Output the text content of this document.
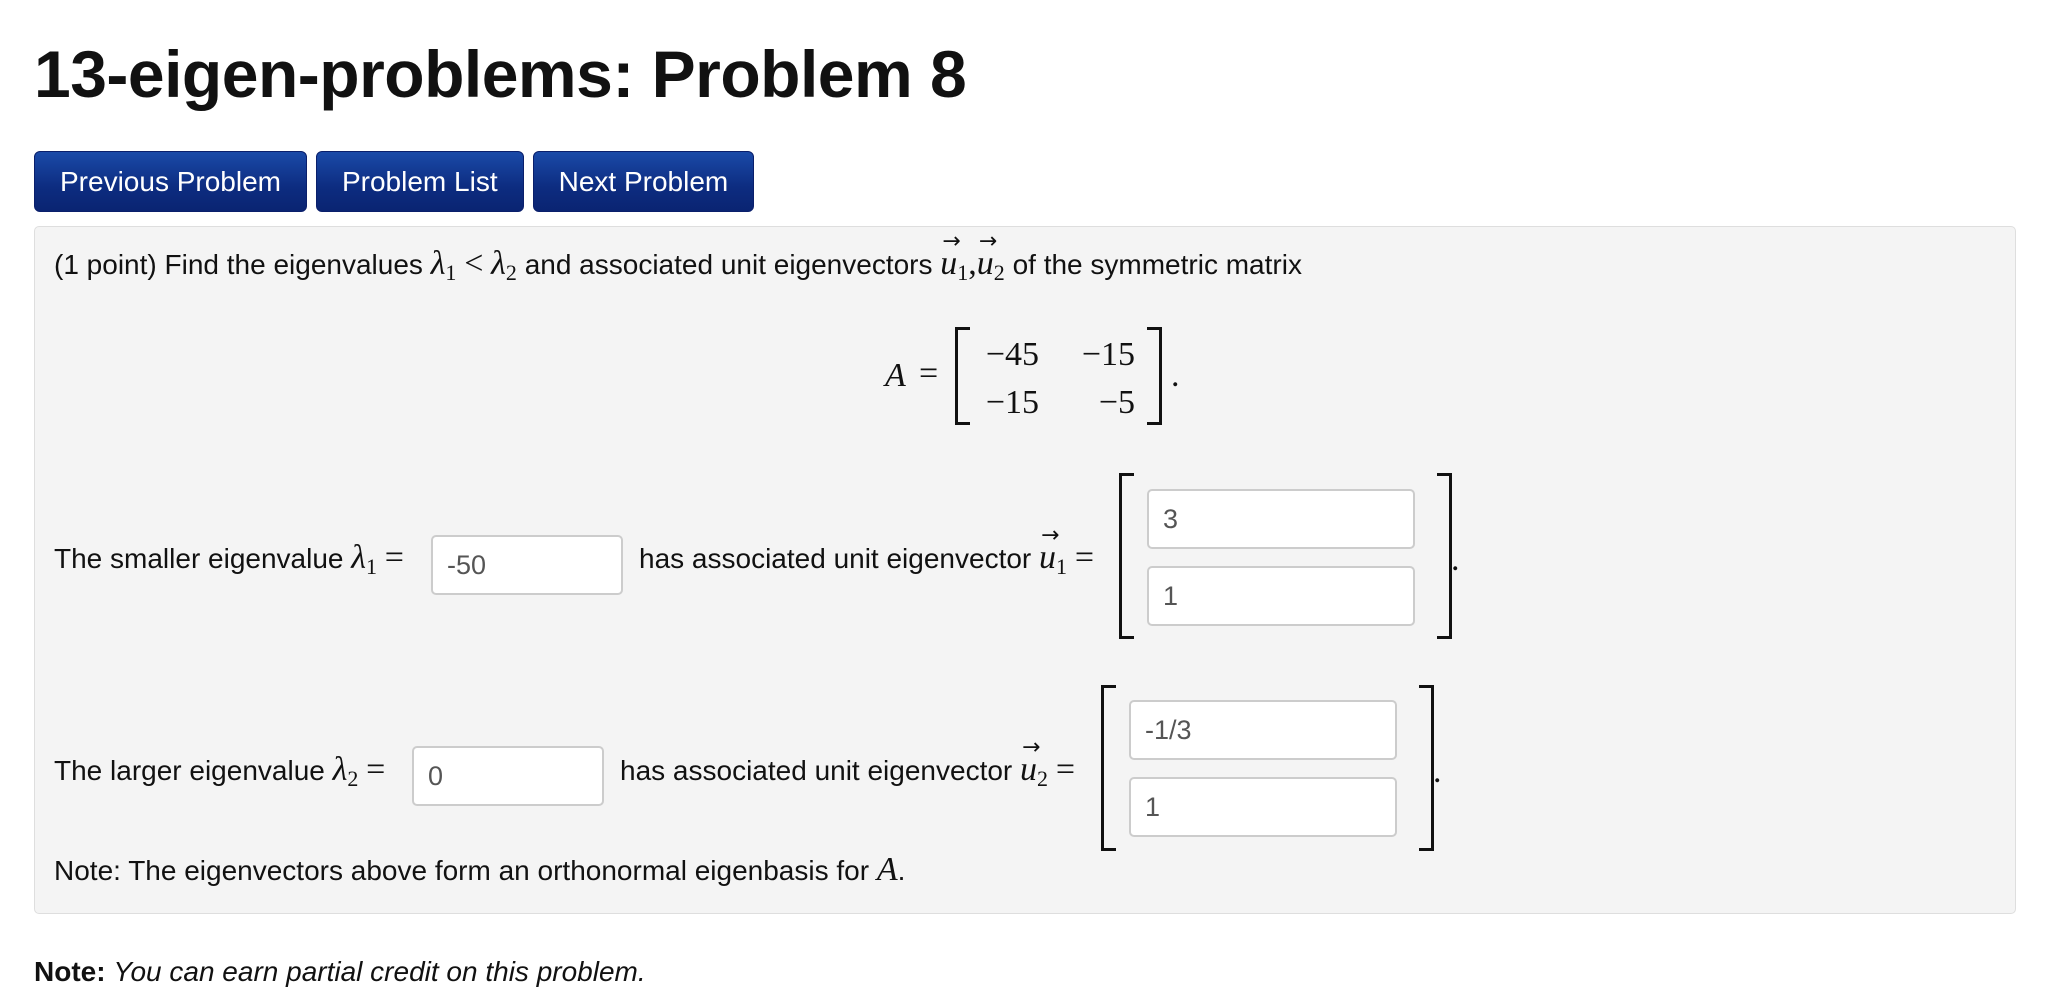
13-eigen-problems: Problem 8
Previous Problem	Problem List	Next Problem
(1 point) Find the eigenvalues $\lambda_1 < \lambda_2$ and associated unit eigenvectors → $u_1,\to u_2$ of the symmetric matrix
A =
−45	−15
−15	−5
.
The smaller eigenvalue $\lambda_1$ =
-50	has associated unit eigenvector → $u_1$ =
3
1	.
The larger eigenvalue $\lambda_2$ =
0	has associated unit eigenvector → $u_2$ =
-1/3
1	.
Note: The eigenvectors above form an orthonormal eigenbasis for A.
Note: You can earn partial credit on this problem.
